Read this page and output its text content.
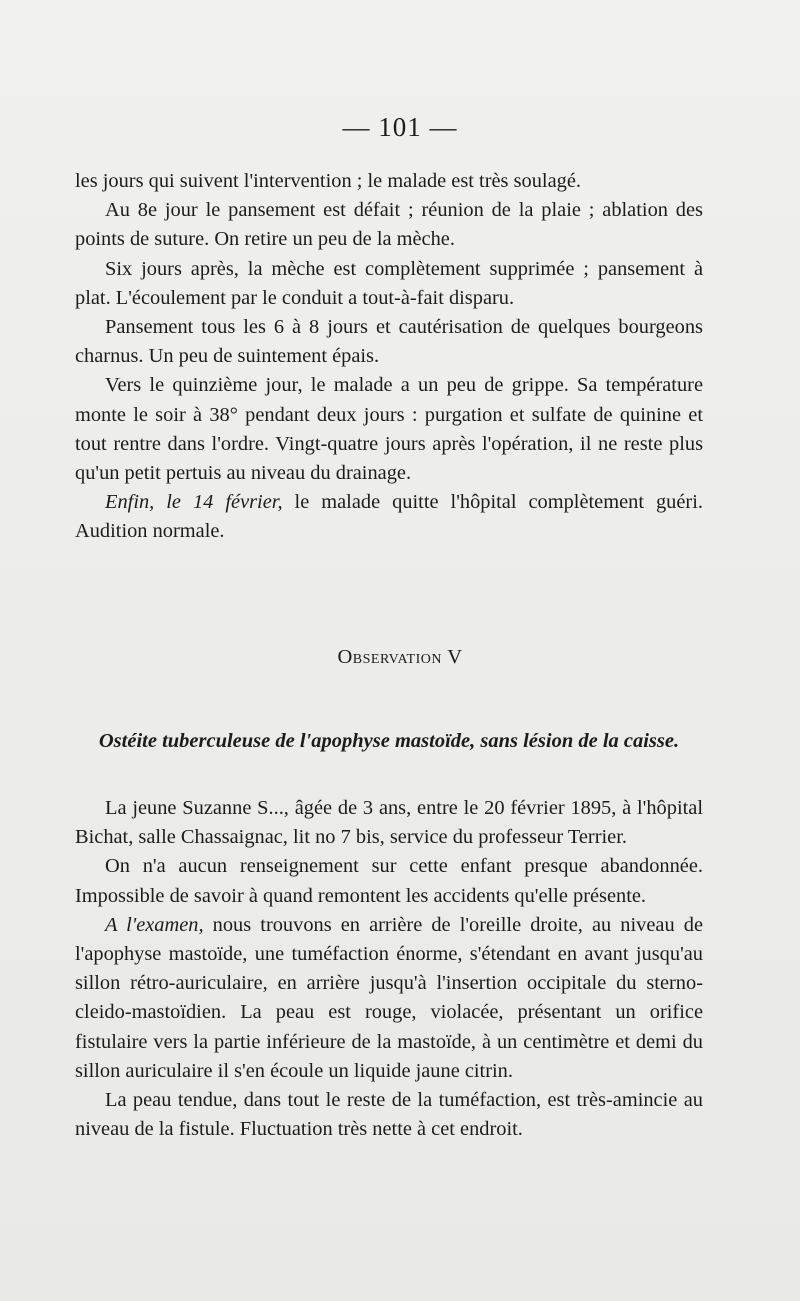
— 101 —

les jours qui suivent l'intervention ; le malade est très soulagé.

Au 8e jour le pansement est défait ; réunion de la plaie ; ablation des points de suture. On retire un peu de la mèche.

Six jours après, la mèche est complètement supprimée ; pansement à plat. L'écoulement par le conduit a tout-à-fait disparu.

Pansement tous les 6 à 8 jours et cautérisation de quelques bourgeons charnus. Un peu de suintement épais.

Vers le quinzième jour, le malade a un peu de grippe. Sa température monte le soir à 38° pendant deux jours : purgation et sulfate de quinine et tout rentre dans l'ordre. Vingt-quatre jours après l'opération, il ne reste plus qu'un petit pertuis au niveau du drainage.

Enfin, le 14 février, le malade quitte l'hôpital complètement guéri. Audition normale.

Observation V
Ostéite tuberculeuse de l'apophyse mastoïde, sans lésion de la caisse.

La jeune Suzanne S..., âgée de 3 ans, entre le 20 février 1895, à l'hôpital Bichat, salle Chassaignac, lit no 7 bis, service du professeur Terrier.

On n'a aucun renseignement sur cette enfant presque abandonnée. Impossible de savoir à quand remontent les accidents qu'elle présente.

A l'examen, nous trouvons en arrière de l'oreille droite, au niveau de l'apophyse mastoïde, une tuméfaction énorme, s'étendant en avant jusqu'au sillon rétro-auriculaire, en arrière jusqu'à l'insertion occipitale du sterno-cleido-mastoïdien. La peau est rouge, violacée, présentant un orifice fistulaire vers la partie inférieure de la mastoïde, à un centimètre et demi du sillon auriculaire il s'en écoule un liquide jaune citrin.

La peau tendue, dans tout le reste de la tuméfaction, est très-amincie au niveau de la fistule. Fluctuation très nette à cet endroit.
